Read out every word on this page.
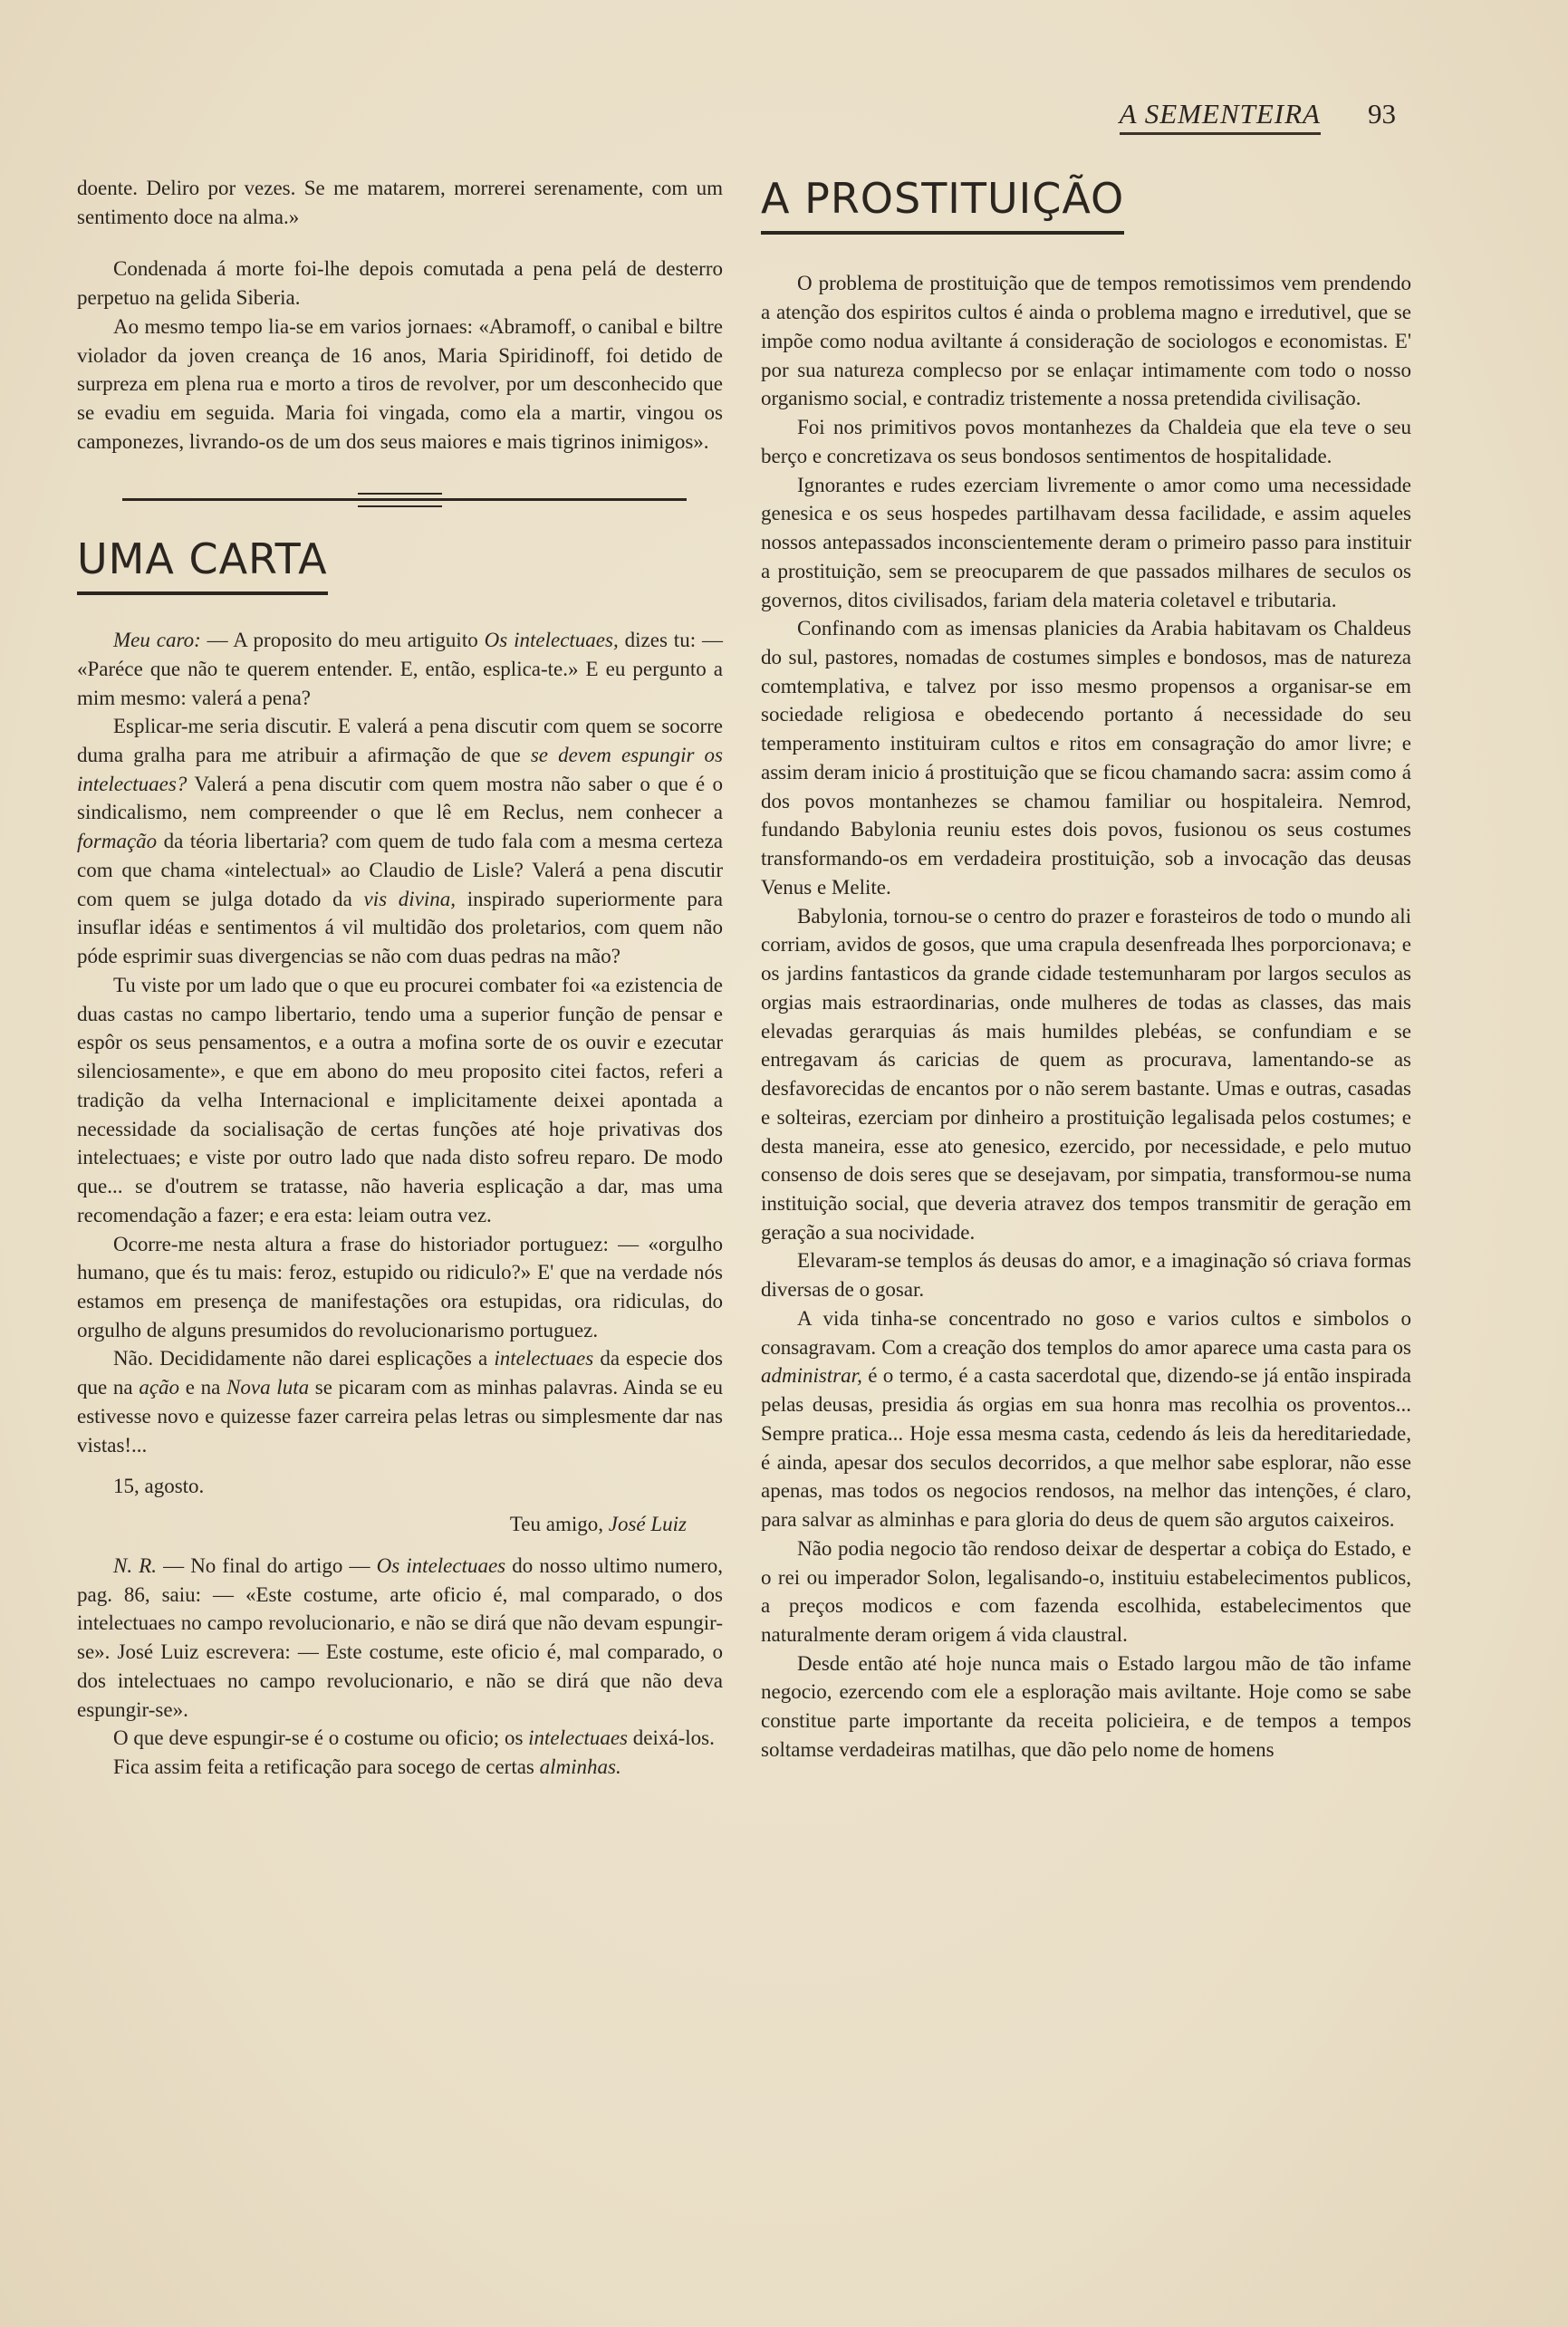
A SEMENTEIRA 93

doente. Deliro por vezes. Se me matarem, morrerei serenamente, com um sentimento doce na alma.»

Condenada á morte foi-lhe depois comutada a pena pelá de desterro perpetuo na gelida Siberia.

Ao mesmo tempo lia-se em varios jornaes: «Abramoff, o canibal e biltre violador da joven creança de 16 anos, Maria Spiridinoff, foi detido de surpreza em plena rua e morto a tiros de revolver, por um desconhecido que se evadiu em seguida. Maria foi vingada, como ela a martir, vingou os camponezes, livrando-os de um dos seus maiores e mais tigrinos inimigos».

UMA CARTA

Meu caro: — A proposito do meu artiguito Os intelectuaes, dizes tu: — «Paréce que não te querem entender. E, então, esplica-te.» E eu pergunto a mim mesmo: valerá a pena?

Esplicar-me seria discutir. E valerá a pena discutir com quem se socorre duma gralha para me atribuir a afirmação de que se devem espungir os intelectuaes? Valerá a pena discutir com quem mostra não saber o que é o sindicalismo, nem compreender o que lê em Reclus, nem conhecer a formação da téoria libertaria? com quem de tudo fala com a mesma certeza com que chama «intelectual» ao Claudio de Lisle? Valerá a pena discutir com quem se julga dotado da vis divina, inspirado superiormente para insuflar idéas e sentimentos á vil multidão dos proletarios, com quem não póde esprimir suas divergencias se não com duas pedras na mão?

Tu viste por um lado que o que eu procurei combater foi «a ezistencia de duas castas no campo libertario, tendo uma a superior função de pensar e espôr os seus pensamentos, e a outra a mofina sorte de os ouvir e ezecutar silenciosamente», e que em abono do meu proposito citei factos, referi a tradição da velha Internacional e implicitamente deixei apontada a necessidade da socialisação de certas funções até hoje privativas dos intelectuaes; e viste por outro lado que nada disto sofreu reparo. De modo que... se d'outrem se tratasse, não haveria esplicação a dar, mas uma recomendação a fazer; e era esta: leiam outra vez.

Ocorre-me nesta altura a frase do historiador portuguez: — «orgulho humano, que és tu mais: feroz, estupido ou ridiculo?» E' que na verdade nós estamos em presença de manifestações ora estupidas, ora ridiculas, do orgulho de alguns presumidos do revolucionarismo portuguez.

Não. Decididamente não darei esplicações a intelectuaes da especie dos que na ação e na Nova luta se picaram com as minhas palavras. Ainda se eu estivesse novo e quizesse fazer carreira pelas letras ou simplesmente dar nas vistas!...

15, agosto.

Teu amigo, José Luiz

N. R. — No final do artigo — Os intelectuaes do nosso ultimo numero, pag. 86, saiu: — «Este costume, arte oficio é, mal comparado, o dos intelectuaes no campo revolucionario, e não se dirá que não devam espungir-se». José Luiz escrevera: — Este costume, este oficio é, mal comparado, o dos intelectuaes no campo revolucionario, e não se dirá que não deva espungir-se».

O que deve espungir-se é o costume ou oficio; os intelectuaes deixá-los.

Fica assim feita a retificação para socego de certas alminhas.

A PROSTITUIÇÃO

O problema de prostituição que de tempos remotissimos vem prendendo a atenção dos espiritos cultos é ainda o problema magno e irredutivel, que se impõe como nodua aviltante á consideração de sociologos e economistas. E' por sua natureza complecso por se enlaçar intimamente com todo o nosso organismo social, e contradiz tristemente a nossa pretendida civilisação.

Foi nos primitivos povos montanhezes da Chaldeia que ela teve o seu berço e concretizava os seus bondosos sentimentos de hospitalidade.

Ignorantes e rudes ezerciam livremente o amor como uma necessidade genesica e os seus hospedes partilhavam dessa facilidade, e assim aqueles nossos antepassados inconscientemente deram o primeiro passo para instituir a prostituição, sem se preocuparem de que passados milhares de seculos os governos, ditos civilisados, fariam dela materia coletavel e tributaria.

Confinando com as imensas planicies da Arabia habitavam os Chaldeus do sul, pastores, nomadas de costumes simples e bondosos, mas de natureza comtemplativa, e talvez por isso mesmo propensos a organisar-se em sociedade religiosa e obedecendo portanto á necessidade do seu temperamento instituiram cultos e ritos em consagração do amor livre; e assim deram inicio á prostituição que se ficou chamando sacra: assim como á dos povos montanhezes se chamou familiar ou hospitaleira. Nemrod, fundando Babylonia reuniu estes dois povos, fusionou os seus costumes transformando-os em verdadeira prostituição, sob a invocação das deusas Venus e Melite.

Babylonia, tornou-se o centro do prazer e forasteiros de todo o mundo ali corriam, avidos de gosos, que uma crapula desenfreada lhes porporcionava; e os jardins fantasticos da grande cidade testemunharam por largos seculos as orgias mais estraordinarias, onde mulheres de todas as classes, das mais elevadas gerarquias ás mais humildes plebéas, se confundiam e se entregavam ás caricias de quem as procurava, lamentando-se as desfavorecidas de encantos por o não serem bastante. Umas e outras, casadas e solteiras, ezerciam por dinheiro a prostituição legalisada pelos costumes; e desta maneira, esse ato genesico, ezercido, por necessidade, e pelo mutuo consenso de dois seres que se desejavam, por simpatia, transformou-se numa instituição social, que deveria atravez dos tempos transmitir de geração em geração a sua nocividade.

Elevaram-se templos ás deusas do amor, e a imaginação só criava formas diversas de o gosar.

A vida tinha-se concentrado no goso e varios cultos e simbolos o consagravam. Com a creação dos templos do amor aparece uma casta para os administrar, é o termo, é a casta sacerdotal que, dizendo-se já então inspirada pelas deusas, presidia ás orgias em sua honra mas recolhia os proventos... Sempre pratica... Hoje essa mesma casta, cedendo ás leis da hereditariedade, é ainda, apesar dos seculos decorridos, a que melhor sabe esplorar, não esse apenas, mas todos os negocios rendosos, na melhor das intenções, é claro, para salvar as alminhas e para gloria do deus de quem são argutos caixeiros.

Não podia negocio tão rendoso deixar de despertar a cobiça do Estado, e o rei ou imperador Solon, legalisando-o, instituiu estabelecimentos publicos, a preços modicos e com fazenda escolhida, estabelecimentos que naturalmente deram origem á vida claustral.

Desde então até hoje nunca mais o Estado largou mão de tão infame negocio, ezercendo com ele a esploração mais aviltante. Hoje como se sabe constitue parte importante da receita policieira, e de tempos a tempos soltamse verdadeiras matilhas, que dão pelo nome de homens
